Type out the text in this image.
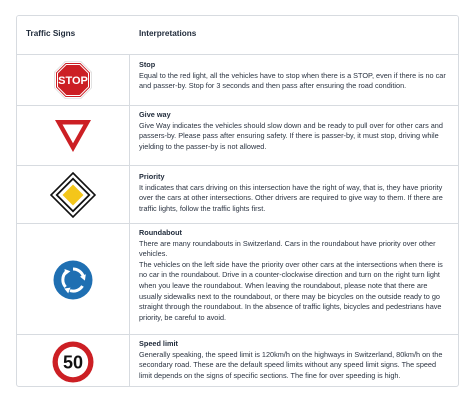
Traffic Signs	Interpretations
STOP
Stop
Equal to the red light, all the vehicles have to stop when there is a STOP, even if there is no car and passer-by. Stop for 3 seconds and then pass after ensuring the road condition.
Give way
Give Way indicates the vehicles should slow down and be ready to pull over for other cars and passers-by. Please pass after ensuring safety. If there is passer-by, it must stop, driving while yielding to the passer-by is not allowed.
Priority
It indicates that cars driving on this intersection have the right of way, that is, they have priority over the cars at other intersections. Other drivers are required to give way to them. If there are traffic lights, follow the traffic lights first.
Roundabout
There are many roundabouts in Switzerland. Cars in the roundabout have priority over other vehicles.
The vehicles on the left side have the priority over other cars at the intersections when there is no car in the roundabout. Drive in a counter-clockwise direction and turn on the right turn light when you leave the roundabout. When leaving the roundabout, please note that there are usually sidewalks next to the roundabout, or there may be bicycles on the outside ready to go straight through the roundabout. In the absence of traffic lights, bicycles and pedestrians have priority, be careful to avoid.
50
Speed limit
Generally speaking, the speed limit is 120km/h on the highways in Switzerland, 80km/h on the secondary road. These are the default speed limits without any speed limit signs. The speed limit depends on the signs of specific sections. The fine for over speeding is high.
